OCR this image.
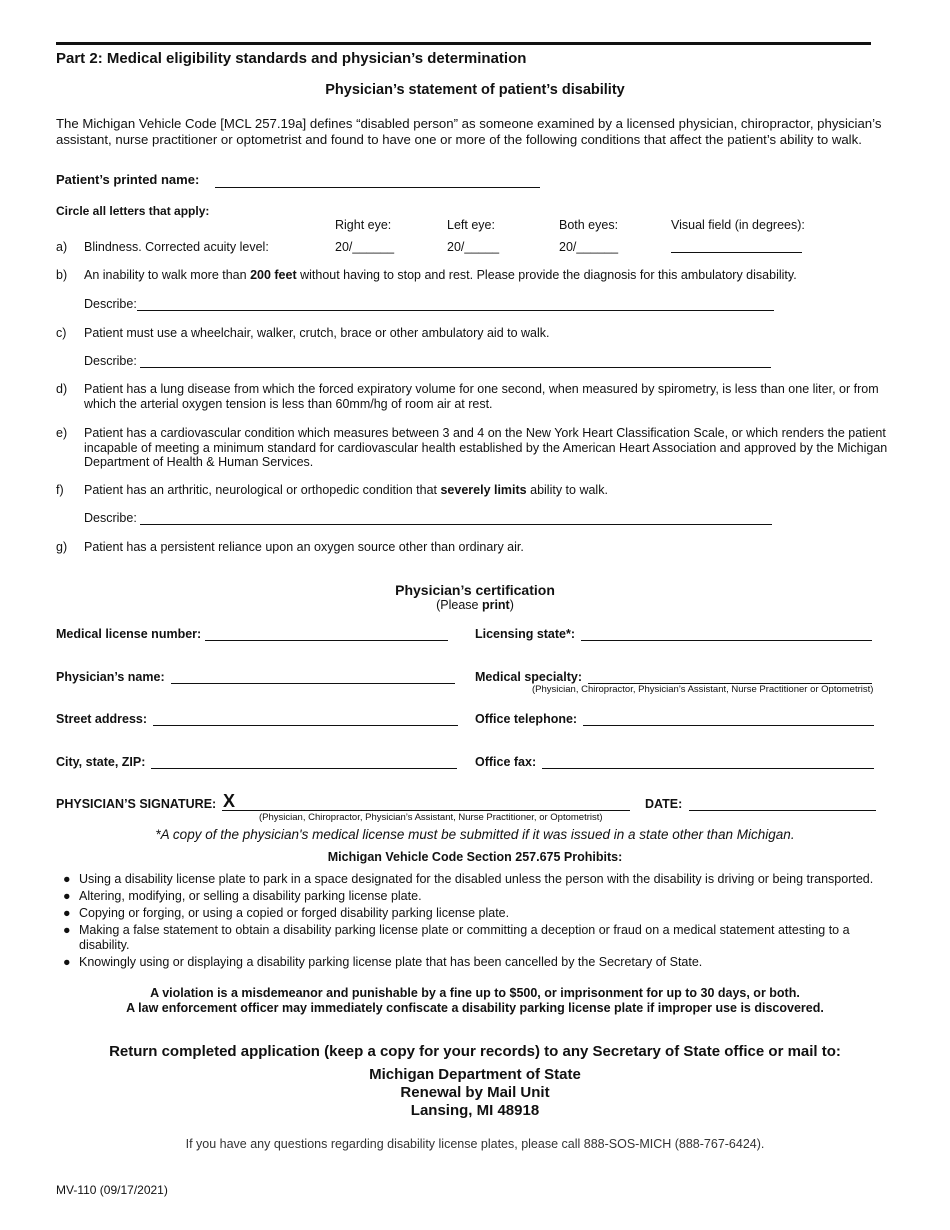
Part 2: Medical eligibility standards and physician’s determination
Physician’s statement of patient’s disability
The Michigan Vehicle Code [MCL 257.19a] defines “disabled person” as someone examined by a licensed physician, chiropractor, physician’s assistant, nurse practitioner or optometrist and found to have one or more of the following conditions that affect the patient’s ability to walk.
Patient’s printed name:
Circle all letters that apply:
Right eye:	Left eye:	Both eyes:	Visual field (in degrees):
a) Blindness. Corrected acuity level:	20/______	20/_____	20/______
b) An inability to walk more than 200 feet without having to stop and rest. Please provide the diagnosis for this ambulatory disability.
Describe:
c) Patient must use a wheelchair, walker, crutch, brace or other ambulatory aid to walk.
Describe:
d) Patient has a lung disease from which the forced expiratory volume for one second, when measured by spirometry, is less than one liter, or from which the arterial oxygen tension is less than 60mm/hg of room air at rest.
e) Patient has a cardiovascular condition which measures between 3 and 4 on the New York Heart Classification Scale, or which renders the patient incapable of meeting a minimum standard for cardiovascular health established by the American Heart Association and approved by the Michigan Department of Health & Human Services.
f) Patient has an arthritic, neurological or orthopedic condition that severely limits ability to walk.
Describe:
g) Patient has a persistent reliance upon an oxygen source other than ordinary air.
Physician’s certification
(Please print)
Medical license number:	Licensing state*:
Physician’s name:	Medical specialty:
(Physician, Chiropractor, Physician’s Assistant, Nurse Practitioner or Optometrist)
Street address:	Office telephone:
City, state, ZIP:	Office fax:
PHYSICIAN’S SIGNATURE: X
(Physician, Chiropractor, Physician’s Assistant, Nurse Practitioner, or Optometrist)
DATE:
*A copy of the physician's medical license must be submitted if it was issued in a state other than Michigan.
Michigan Vehicle Code Section 257.675 Prohibits:
● Using a disability license plate to park in a space designated for the disabled unless the person with the disability is driving or being transported.
● Altering, modifying, or selling a disability parking license plate.
● Copying or forging, or using a copied or forged disability parking license plate.
● Making a false statement to obtain a disability parking license plate or committing a deception or fraud on a medical statement attesting to a disability.
● Knowingly using or displaying a disability parking license plate that has been cancelled by the Secretary of State.
A violation is a misdemeanor and punishable by a fine up to $500, or imprisonment for up to 30 days, or both.
A law enforcement officer may immediately confiscate a disability parking license plate if improper use is discovered.
Return completed application (keep a copy for your records) to any Secretary of State office or mail to:
Michigan Department of State
Renewal by Mail Unit
Lansing, MI 48918
If you have any questions regarding disability license plates, please call 888-SOS-MICH (888-767-6424).
MV-110 (09/17/2021)
